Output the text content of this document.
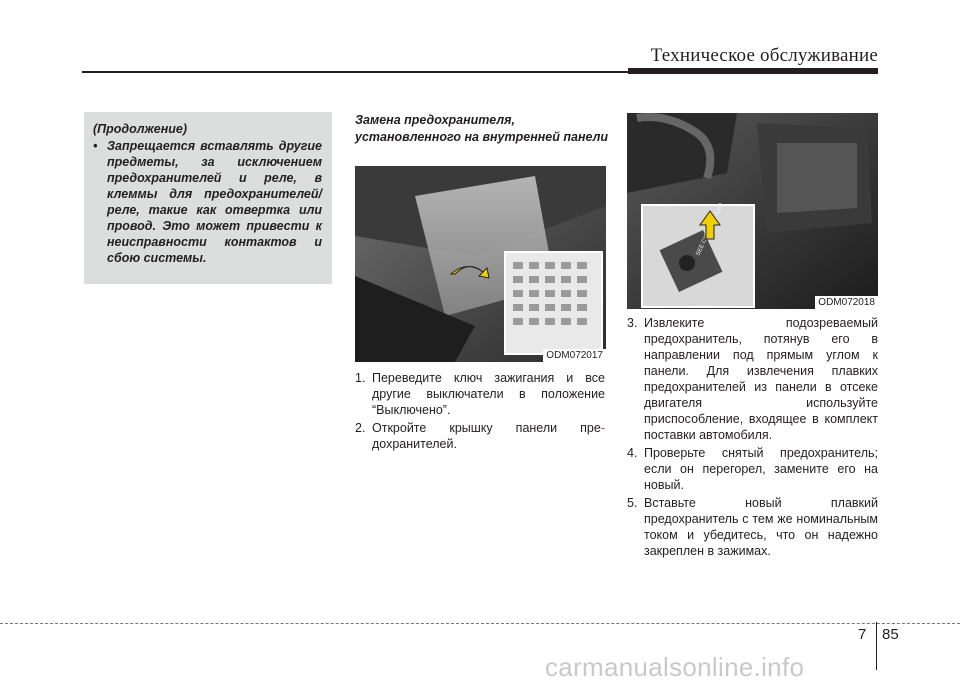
Техническое обслуживание
(Продолжение)
• Запрещается вставлять другие предметы, за исключением предохранителей и реле, в клеммы для предохранителей/реле, такие как отвертка или провод. Это может привести к неисправности контактов и сбою системы.
Замена предохранителя, установленного на внутренней панели
ODM072017
1. Переведите ключ зажигания и все другие выключатели в положение “Выключено”.
2. Откройте крышку панели пре- дохранителей.
SEE AMP
ODM072018
3. Извлеките подозреваемый предохранитель, потянув его в направлении под прямым углом к панели. Для извлечения плавких предохранителей из панели в отсеке двигателя используйте приспособление, входящее в комплект поставки автомобиля.
4. Проверьте снятый предохранитель; если он перегорел, замените его на новый.
5. Вставьте новый плавкий предохранитель с тем же номинальным током и убедитесь, что он надежно закреплен в зажимах.
7 85
carmanualsonline.info
